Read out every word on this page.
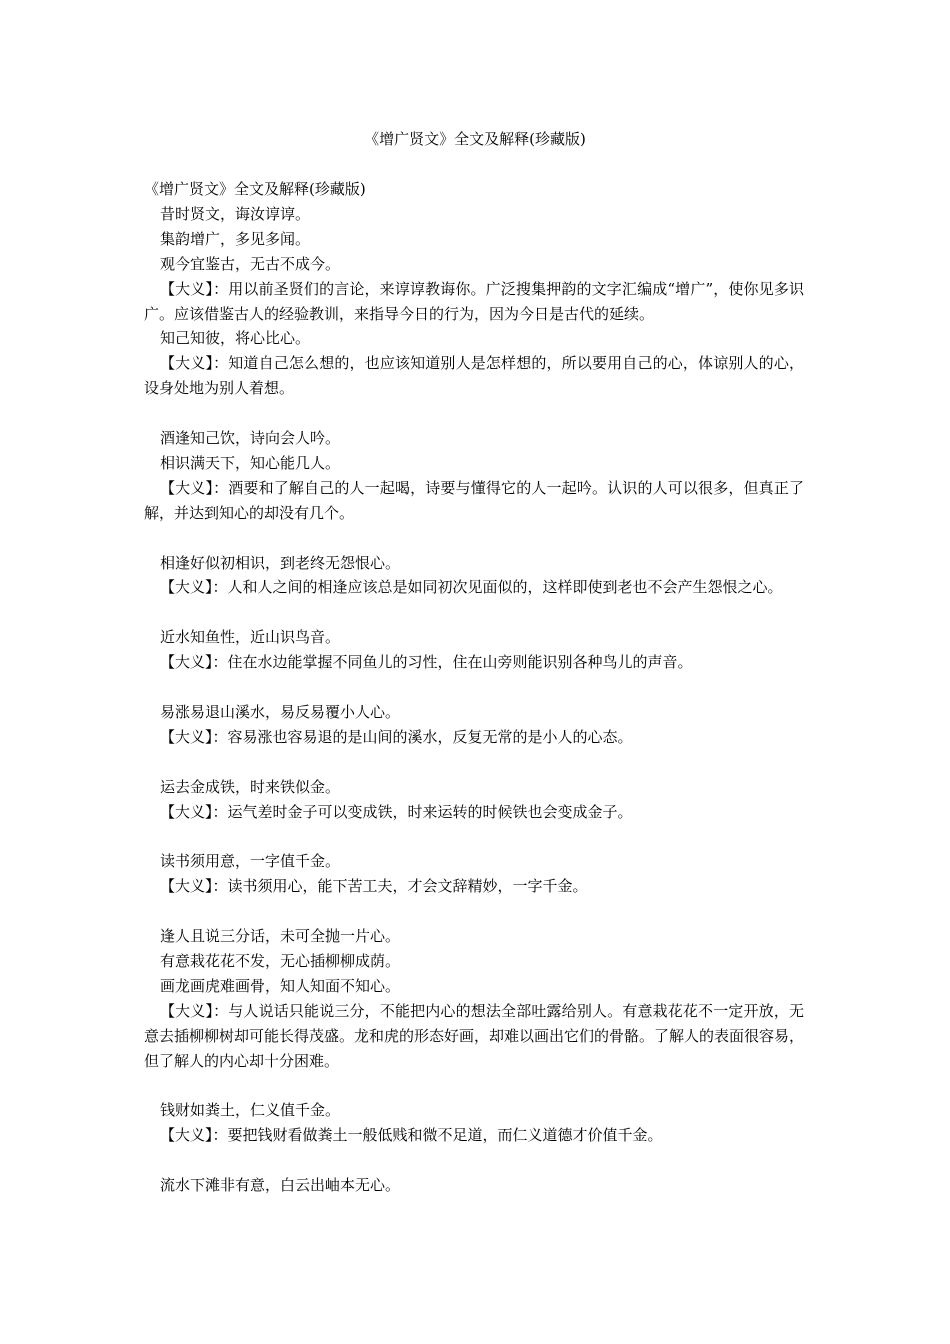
《增广贤文》全文及解释(珍藏版)

《增广贤文》全文及解释(珍藏版)

昔时贤文，诲汝谆谆。

集韵增广，多见多闻。

观今宜鉴古，无古不成今。

【大义】：用以前圣贤们的言论，来谆谆教诲你。广泛搜集押韵的文字汇编成“增广”，使你见多识广。应该借鉴古人的经验教训，来指导今日的行为，因为今日是古代的延续。

知己知彼，将心比心。

【大义】：知道自己怎么想的，也应该知道别人是怎样想的，所以要用自己的心，体谅别人的心，设身处地为别人着想。

酒逢知己饮，诗向会人吟。

相识满天下，知心能几人。

【大义】：酒要和了解自己的人一起喝，诗要与懂得它的人一起吟。认识的人可以很多，但真正了解，并达到知心的却没有几个。

相逢好似初相识，到老终无怨恨心。

【大义】：人和人之间的相逢应该总是如同初次见面似的，这样即使到老也不会产生怨恨之心。

近水知鱼性，近山识鸟音。

【大义】：住在水边能掌握不同鱼儿的习性，住在山旁则能识别各种鸟儿的声音。

易涨易退山溪水，易反易覆小人心。

【大义】：容易涨也容易退的是山间的溪水，反复无常的是小人的心态。

运去金成铁，时来铁似金。

【大义】：运气差时金子可以变成铁，时来运转的时候铁也会变成金子。

读书须用意，一字值千金。

【大义】：读书须用心，能下苦工夫，才会文辞精妙，一字千金。

逢人且说三分话，未可全抛一片心。

有意栽花花不发，无心插柳柳成荫。

画龙画虎难画骨，知人知面不知心。

【大义】：与人说话只能说三分，不能把内心的想法全部吐露给别人。有意栽花花不一定开放，无意去插柳柳树却可能长得茂盛。龙和虎的形态好画，却难以画出它们的骨骼。了解人的表面很容易，但了解人的内心却十分困难。

钱财如粪土，仁义值千金。

【大义】：要把钱财看做粪土一般低贱和微不足道，而仁义道德才价值千金。

流水下滩非有意，白云出岫本无心。
